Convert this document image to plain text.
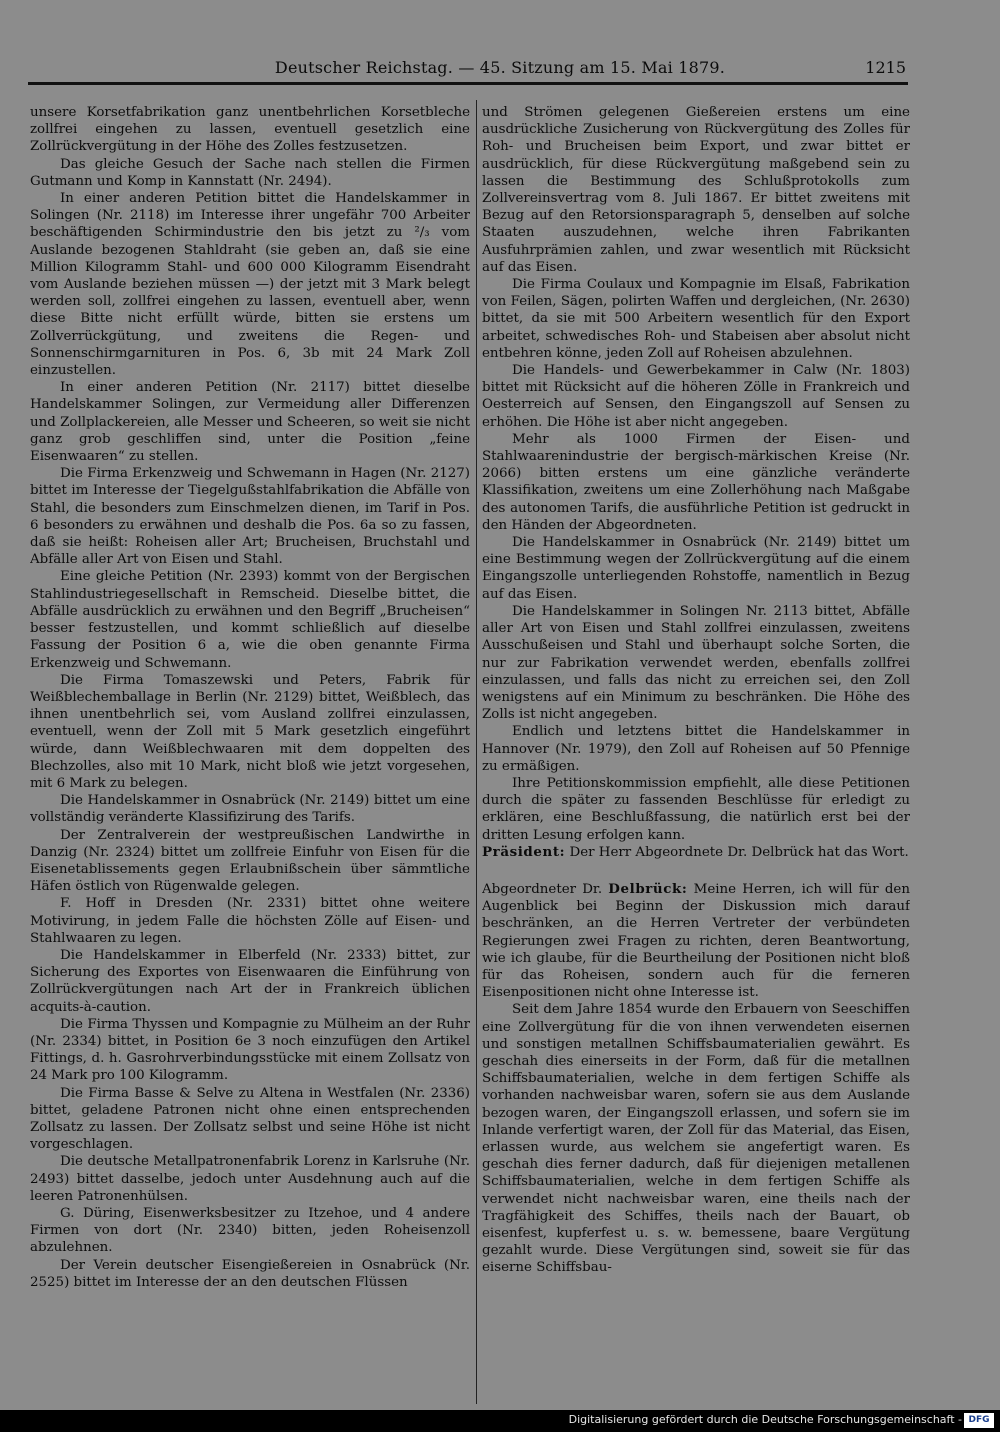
Deutscher Reichstag. — 45. Sitzung am 15. Mai 1879.	1215

unsere Korsetfabrikation ganz unentbehrlichen Korsetbleche zollfrei eingehen zu lassen, eventuell gesetzlich eine Zollrückvergütung in der Höhe des Zolles festzusetzen.

Das gleiche Gesuch der Sache nach stellen die Firmen Gutmann und Komp in Kannstatt (Nr. 2494).

In einer anderen Petition bittet die Handelskammer in Solingen (Nr. 2118) im Interesse ihrer ungefähr 700 Arbeiter beschäftigenden Schirmindustrie den bis jetzt zu ²/₃ vom Auslande bezogenen Stahldraht (sie geben an, daß sie eine Million Kilogramm Stahl- und 600 000 Kilogramm Eisendraht vom Auslande beziehen müssen —) der jetzt mit 3 Mark belegt werden soll, zollfrei eingehen zu lassen, eventuell aber, wenn diese Bitte nicht erfüllt würde, bitten sie erstens um Zollverrückgütung, und zweitens die Regen- und Sonnenschirmgarnituren in Pos. 6, 3b mit 24 Mark Zoll einzustellen.

In einer anderen Petition (Nr. 2117) bittet dieselbe Handelskammer Solingen, zur Vermeidung aller Differenzen und Zollplackereien, alle Messer und Scheeren, so weit sie nicht ganz grob geschliffen sind, unter die Position „feine Eisenwaaren“ zu stellen.

Die Firma Erkenzweig und Schwemann in Hagen (Nr. 2127) bittet im Interesse der Tiegelgußstahlfabrikation die Abfälle von Stahl, die besonders zum Einschmelzen dienen, im Tarif in Pos. 6 besonders zu erwähnen und deshalb die Pos. 6a so zu fassen, daß sie heißt: Roheisen aller Art; Brucheisen, Bruchstahl und Abfälle aller Art von Eisen und Stahl.

Eine gleiche Petition (Nr. 2393) kommt von der Bergischen Stahlindustriegesellschaft in Remscheid. Dieselbe bittet, die Abfälle ausdrücklich zu erwähnen und den Begriff „Brucheisen“ besser festzustellen, und kommt schließlich auf dieselbe Fassung der Position 6 a, wie die oben genannte Firma Erkenzweig und Schwemann.

Die Firma Tomaszewski und Peters, Fabrik für Weißblechemballage in Berlin (Nr. 2129) bittet, Weißblech, das ihnen unentbehrlich sei, vom Ausland zollfrei einzulassen, eventuell, wenn der Zoll mit 5 Mark gesetzlich eingeführt würde, dann Weißblechwaaren mit dem doppelten des Blechzolles, also mit 10 Mark, nicht bloß wie jetzt vorgesehen, mit 6 Mark zu belegen.

Die Handelskammer in Osnabrück (Nr. 2149) bittet um eine vollständig veränderte Klassifizirung des Tarifs.

Der Zentralverein der westpreußischen Landwirthe in Danzig (Nr. 2324) bittet um zollfreie Einfuhr von Eisen für die Eisenetablissements gegen Erlaubnißschein über sämmtliche Häfen östlich von Rügenwalde gelegen.

F. Hoff in Dresden (Nr. 2331) bittet ohne weitere Motivirung, in jedem Falle die höchsten Zölle auf Eisen- und Stahlwaaren zu legen.

Die Handelskammer in Elberfeld (Nr. 2333) bittet, zur Sicherung des Exportes von Eisenwaaren die Einführung von Zollrückvergütungen nach Art der in Frankreich üblichen acquits-à-caution.

Die Firma Thyssen und Kompagnie zu Mülheim an der Ruhr (Nr. 2334) bittet, in Position 6e 3 noch einzufügen den Artikel Fittings, d. h. Gasrohrverbindungsstücke mit einem Zollsatz von 24 Mark pro 100 Kilogramm.

Die Firma Basse & Selve zu Altena in Westfalen (Nr. 2336) bittet, geladene Patronen nicht ohne einen entsprechenden Zollsatz zu lassen. Der Zollsatz selbst und seine Höhe ist nicht vorgeschlagen.

Die deutsche Metallpatronenfabrik Lorenz in Karlsruhe (Nr. 2493) bittet dasselbe, jedoch unter Ausdehnung auch auf die leeren Patronenhülsen.

G. Düring, Eisenwerksbesitzer zu Itzehoe, und 4 andere Firmen von dort (Nr. 2340) bitten, jeden Roheisenzoll abzulehnen.

Der Verein deutscher Eisengießereien in Osnabrück (Nr. 2525) bittet im Interesse der an den deutschen Flüssen

und Strömen gelegenen Gießereien erstens um eine ausdrückliche Zusicherung von Rückvergütung des Zolles für Roh- und Brucheisen beim Export, und zwar bittet er ausdrücklich, für diese Rückvergütung maßgebend sein zu lassen die Bestimmung des Schlußprotokolls zum Zollvereinsvertrag vom 8. Juli 1867. Er bittet zweitens mit Bezug auf den Retorsionsparagraph 5, denselben auf solche Staaten auszudehnen, welche ihren Fabrikanten Ausfuhrprämien zahlen, und zwar wesentlich mit Rücksicht auf das Eisen.

Die Firma Coulaux und Kompagnie im Elsaß, Fabrikation von Feilen, Sägen, polirten Waffen und dergleichen, (Nr. 2630) bittet, da sie mit 500 Arbeitern wesentlich für den Export arbeitet, schwedisches Roh- und Stabeisen aber absolut nicht entbehren könne, jeden Zoll auf Roheisen abzulehnen.

Die Handels- und Gewerbekammer in Calw (Nr. 1803) bittet mit Rücksicht auf die höheren Zölle in Frankreich und Oesterreich auf Sensen, den Eingangszoll auf Sensen zu erhöhen. Die Höhe ist aber nicht angegeben.

Mehr als 1000 Firmen der Eisen- und Stahlwaarenindustrie der bergisch-märkischen Kreise (Nr. 2066) bitten erstens um eine gänzliche veränderte Klassifikation, zweitens um eine Zollerhöhung nach Maßgabe des autonomen Tarifs, die ausführliche Petition ist gedruckt in den Händen der Abgeordneten.

Die Handelskammer in Osnabrück (Nr. 2149) bittet um eine Bestimmung wegen der Zollrückvergütung auf die einem Eingangszolle unterliegenden Rohstoffe, namentlich in Bezug auf das Eisen.

Die Handelskammer in Solingen Nr. 2113 bittet, Abfälle aller Art von Eisen und Stahl zollfrei einzulassen, zweitens Ausschußeisen und Stahl und überhaupt solche Sorten, die nur zur Fabrikation verwendet werden, ebenfalls zollfrei einzulassen, und falls das nicht zu erreichen sei, den Zoll wenigstens auf ein Minimum zu beschränken. Die Höhe des Zolls ist nicht angegeben.

Endlich und letztens bittet die Handelskammer in Hannover (Nr. 1979), den Zoll auf Roheisen auf 50 Pfennige zu ermäßigen.

Ihre Petitionskommission empfiehlt, alle diese Petitionen durch die später zu fassenden Beschlüsse für erledigt zu erklären, eine Beschlußfassung, die natürlich erst bei der dritten Lesung erfolgen kann.

Präsident: Der Herr Abgeordnete Dr. Delbrück hat das Wort.

Abgeordneter Dr. Delbrück: Meine Herren, ich will für den Augenblick bei Beginn der Diskussion mich darauf beschränken, an die Herren Vertreter der verbündeten Regierungen zwei Fragen zu richten, deren Beantwortung, wie ich glaube, für die Beurtheilung der Positionen nicht bloß für das Roheisen, sondern auch für die ferneren Eisenpositionen nicht ohne Interesse ist.

Seit dem Jahre 1854 wurde den Erbauern von Seeschiffen eine Zollvergütung für die von ihnen verwendeten eisernen und sonstigen metallnen Schiffsbaumaterialien gewährt. Es geschah dies einerseits in der Form, daß für die metallnen Schiffsbaumaterialien, welche in dem fertigen Schiffe als vorhanden nachweisbar waren, sofern sie aus dem Auslande bezogen waren, der Eingangszoll erlassen, und sofern sie im Inlande verfertigt waren, der Zoll für das Material, das Eisen, erlassen wurde, aus welchem sie angefertigt waren. Es geschah dies ferner dadurch, daß für diejenigen metallenen Schiffsbaumaterialien, welche in dem fertigen Schiffe als verwendet nicht nachweisbar waren, eine theils nach der Tragfähigkeit des Schiffes, theils nach der Bauart, ob eisenfest, kupferfest u. s. w. bemessene, baare Vergütung gezahlt wurde. Diese Vergütungen sind, soweit sie für das eiserne Schiffsbau-

Digitalisierung gefördert durch die Deutsche Forschungsgemeinschaft - DFG
